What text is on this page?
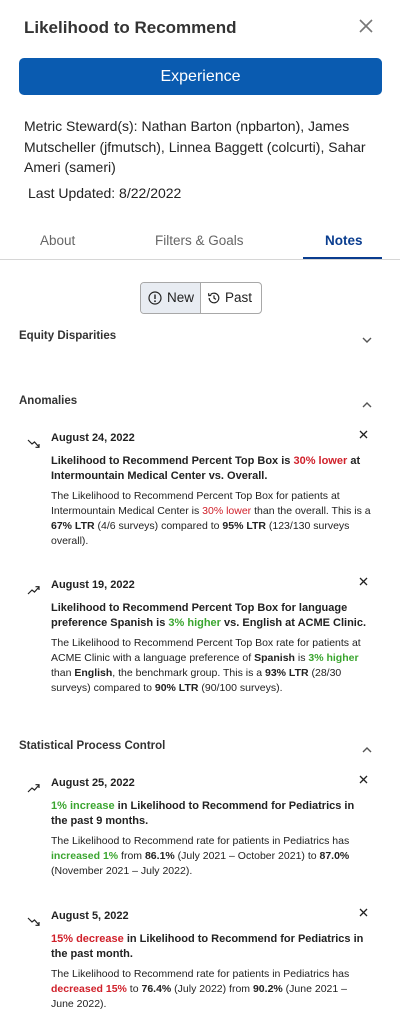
Likelihood to Recommend
Experience
Metric Steward(s): Nathan Barton (npbarton), James Mutscheller (jfmutsch), Linnea Baggett (colcurti), Sahar Ameri (sameri)
Last Updated: 8/22/2022
About	Filters & Goals	Notes
New Past
Equity Disparities
Anomalies
August 24, 2022
Likelihood to Recommend Percent Top Box is 30% lower at Intermountain Medical Center vs. Overall.
The Likelihood to Recommend Percent Top Box for patients at Intermountain Medical Center is 30% lower than the overall. This is a 67% LTR (4/6 surveys) compared to 95% LTR (123/130 surveys overall).
August 19, 2022
Likelihood to Recommend Percent Top Box for language preference Spanish is 3% higher vs. English at ACME Clinic.
The Likelihood to Recommend Percent Top Box rate for patients at ACME Clinic with a language preference of Spanish is 3% higher than English, the benchmark group. This is a 93% LTR (28/30 surveys) compared to 90% LTR (90/100 surveys).
Statistical Process Control
August 25, 2022
1% increase in Likelihood to Recommend for Pediatrics in the past 9 months.
The Likelihood to Recommend rate for patients in Pediatrics has increased 1% from 86.1% (July 2021 – October 2021) to 87.0% (November 2021 – July 2022).
August 5, 2022
15% decrease in Likelihood to Recommend for Pediatrics in the past month.
The Likelihood to Recommend rate for patients in Pediatrics has decreased 15% to 76.4% (July 2022) from 90.2% (June 2021 – June 2022).
